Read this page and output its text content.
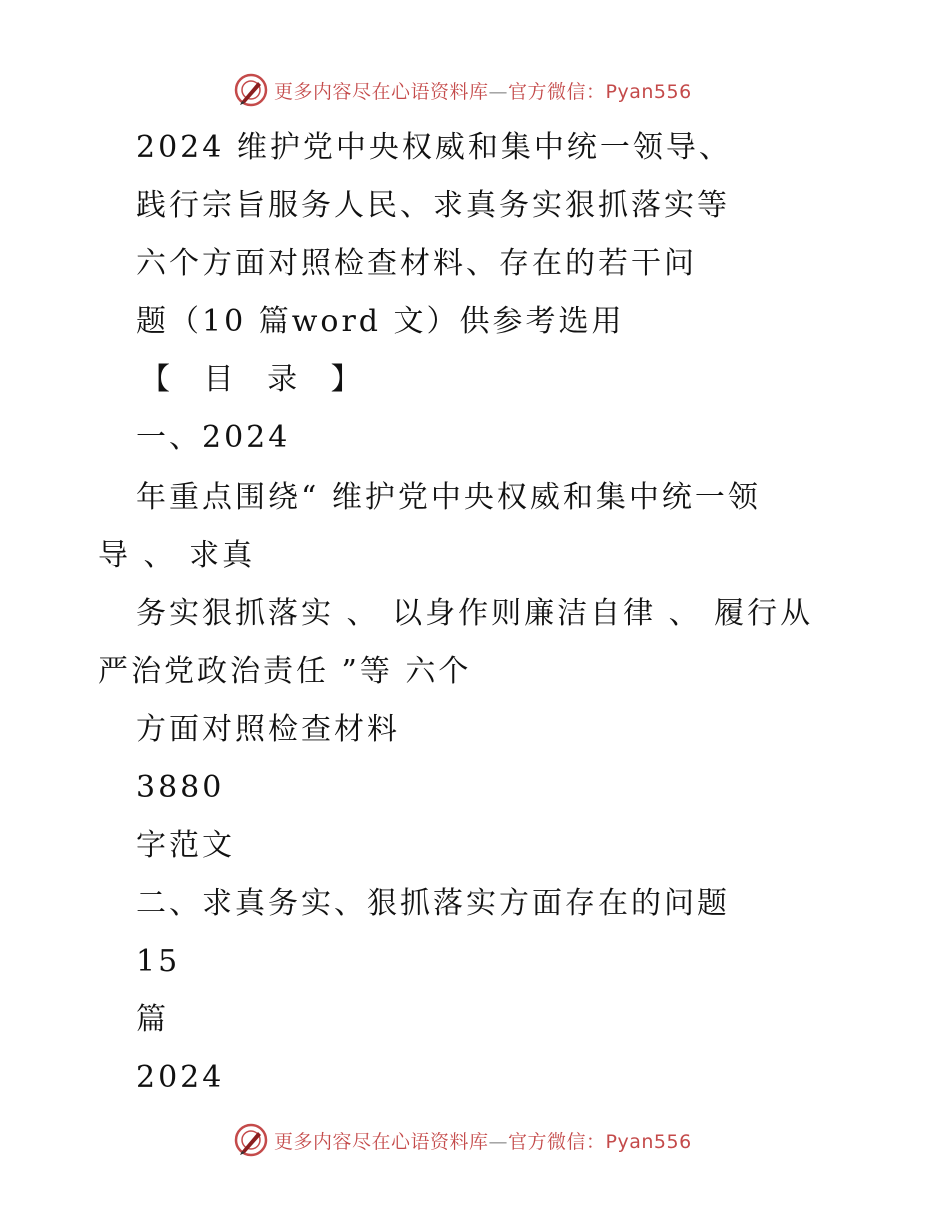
更多内容尽在心语资料库—官方微信：Pyan556
2024 维护党中央权威和集中统一领导、
践行宗旨服务人民、求真务实狠抓落实等
六个方面对照检查材料、存在的若干问
题（10 篇word 文）供参考选用
【 目 录 】
一、2024
年重点围绕“ 维护党中央权威和集中统一领
导 、 求真
务实狠抓落实 、 以身作则廉洁自律 、 履行从
严治党政治责任 ”等 六个
方面对照检查材料
3880
字范文
二、求真务实、狠抓落实方面存在的问题
15
篇
2024
更多内容尽在心语资料库—官方微信：Pyan556
